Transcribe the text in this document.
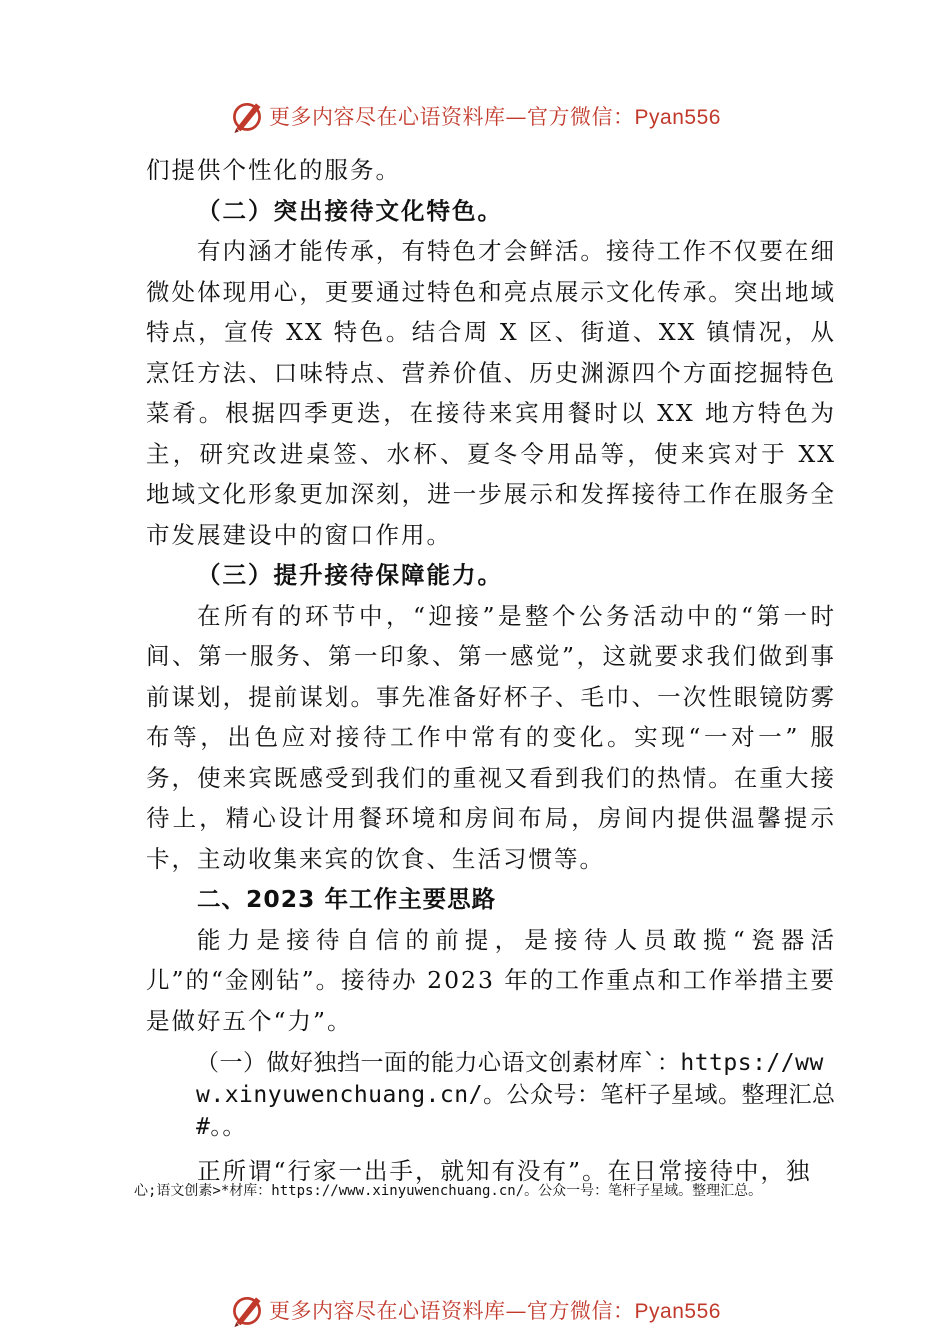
更多内容尽在心语资料库—官方微信：Pyan556

们提供个性化的服务。

（二）突出接待文化特色。

有内涵才能传承，有特色才会鲜活。接待工作不仅要在细微处体现用心，更要通过特色和亮点展示文化传承。突出地域特点，宣传 XX 特色。结合周 X 区、街道、XX 镇情况，从烹饪方法、口味特点、营养价值、历史渊源四个方面挖掘特色菜肴。根据四季更迭，在接待来宾用餐时以 XX 地方特色为主，研究改进桌签、水杯、夏冬令用品等，使来宾对于 XX 地域文化形象更加深刻，进一步展示和发挥接待工作在服务全市发展建设中的窗口作用。

（三）提升接待保障能力。

在所有的环节中，“迎接”是整个公务活动中的“第一时间、第一服务、第一印象、第一感觉”，这就要求我们做到事前谋划，提前谋划。事先准备好杯子、毛巾、一次性眼镜防雾布等，出色应对接待工作中常有的变化。实现“一对一” 服务，使来宾既感受到我们的重视又看到我们的热情。在重大接待上，精心设计用餐环境和房间布局，房间内提供温馨提示卡，主动收集来宾的饮食、生活习惯等。

二、2023 年工作主要思路

能力是接待自信的前提，是接待人员敢揽“瓷器活儿”的“金刚钻”。接待办 2023 年的工作重点和工作举措主要是做好五个“力”。

（一）做好独挡一面的能力心语文创素材库`：https://www.xinyuwenchuang.cn/。公众号：笔杆子星域。整理汇总#。。

正所谓“行家一出手，就知有没有”。在日常接待中，独

心;语文创素>*材库：https://www.xinyuwenchuang.cn/。公众一号：笔杆子星域。整理汇总。
更多内容尽在心语资料库—官方微信：Pyan556
